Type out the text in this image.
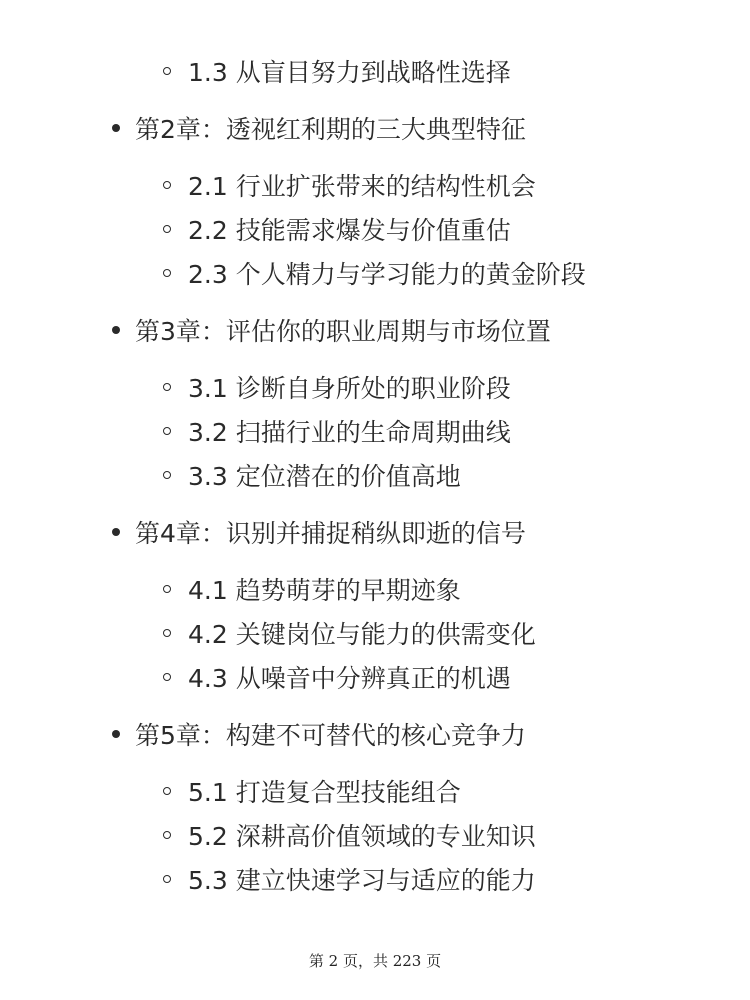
1.3 从盲目努力到战略性选择
第2章：透视红利期的三大典型特征
2.1 行业扩张带来的结构性机会
2.2 技能需求爆发与价值重估
2.3 个人精力与学习能力的黄金阶段
第3章：评估你的职业周期与市场位置
3.1 诊断自身所处的职业阶段
3.2 扫描行业的生命周期曲线
3.3 定位潜在的价值高地
第4章：识别并捕捉稍纵即逝的信号
4.1 趋势萌芽的早期迹象
4.2 关键岗位与能力的供需变化
4.3 从噪音中分辨真正的机遇
第5章：构建不可替代的核心竞争力
5.1 打造复合型技能组合
5.2 深耕高价值领域的专业知识
5.3 建立快速学习与适应的能力
第 2 页，共 223 页
